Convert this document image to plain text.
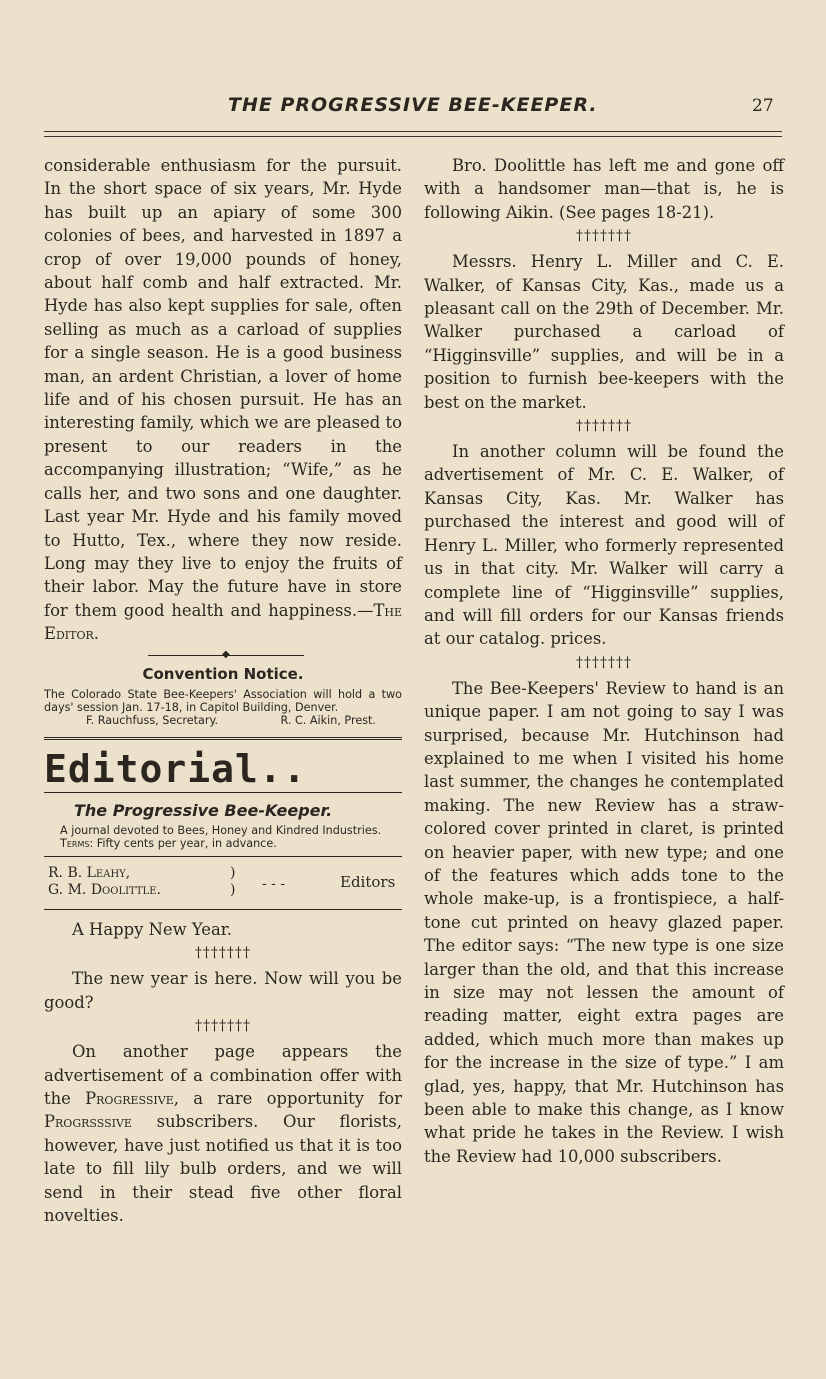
THE PROGRESSIVE BEE-KEEPER.	27

considerable enthusiasm for the pursuit. In the short space of six years, Mr. Hyde has built up an apiary of some 300 colonies of bees, and harvested in 1897 a crop of over 19,000 pounds of honey, about half comb and half extracted. Mr. Hyde has also kept supplies for sale, often selling as much as a carload of supplies for a single season. He is a good business man, an ardent Christian, a lover of home life and of his chosen pursuit. He has an interesting family, which we are pleased to present to our readers in the accompanying illustration; “Wife,” as he calls her, and two sons and one daughter. Last year Mr. Hyde and his family moved to Hutto, Tex., where they now reside. Long may they live to enjoy the fruits of their labor. May the future have in store for them good health and happiness.—The Editor.

◆
Convention Notice.

The Colorado State Bee-Keepers' Association will hold a two days' session Jan. 17-18, in Capitol Building, Denver.

R. C. Aikin, Prest.

F. Rauchfuss, Secretary.

Editorial..

The Progressive Bee-Keeper.

A journal devoted to Bees, Honey and Kindred Industries.

Terms: Fifty cents per year, in advance.

R. B. Leahy,
G. M. Doolittle.
)
) - - -	Editors

A Happy New Year.

†††††††

The new year is here. Now will you be good?

†††††††

On another page appears the advertisement of a combination offer with the Progressive, a rare opportunity for Progrsssive subscribers. Our florists, however, have just notified us that it is too late to fill lily bulb orders, and we will send in their stead five other floral novelties.

Bro. Doolittle has left me and gone off with a handsomer man—that is, he is following Aikin. (See pages 18-21).

†††††††

Messrs. Henry L. Miller and C. E. Walker, of Kansas City, Kas., made us a pleasant call on the 29th of December. Mr. Walker purchased a carload of “Higginsville” supplies, and will be in a position to furnish bee-keepers with the best on the market.

†††††††

In another column will be found the advertisement of Mr. C. E. Walker, of Kansas City, Kas. Mr. Walker has purchased the interest and good will of Henry L. Miller, who formerly represented us in that city. Mr. Walker will carry a complete line of “Higginsville” supplies, and will fill orders for our Kansas friends at our catalog. prices.

†††††††

The Bee-Keepers' Review to hand is an unique paper. I am not going to say I was surprised, because Mr. Hutchinson had explained to me when I visited his home last summer, the changes he contemplated making. The new Review has a straw-colored cover printed in claret, is printed on heavier paper, with new type; and one of the features which adds tone to the whole make-up, is a frontispiece, a half-tone cut printed on heavy glazed paper. The editor says: “The new type is one size larger than the old, and that this increase in size may not lessen the amount of reading matter, eight extra pages are added, which much more than makes up for the increase in the size of type.” I am glad, yes, happy, that Mr. Hutchinson has been able to make this change, as I know what pride he takes in the Review. I wish the Review had 10,000 subscribers.
